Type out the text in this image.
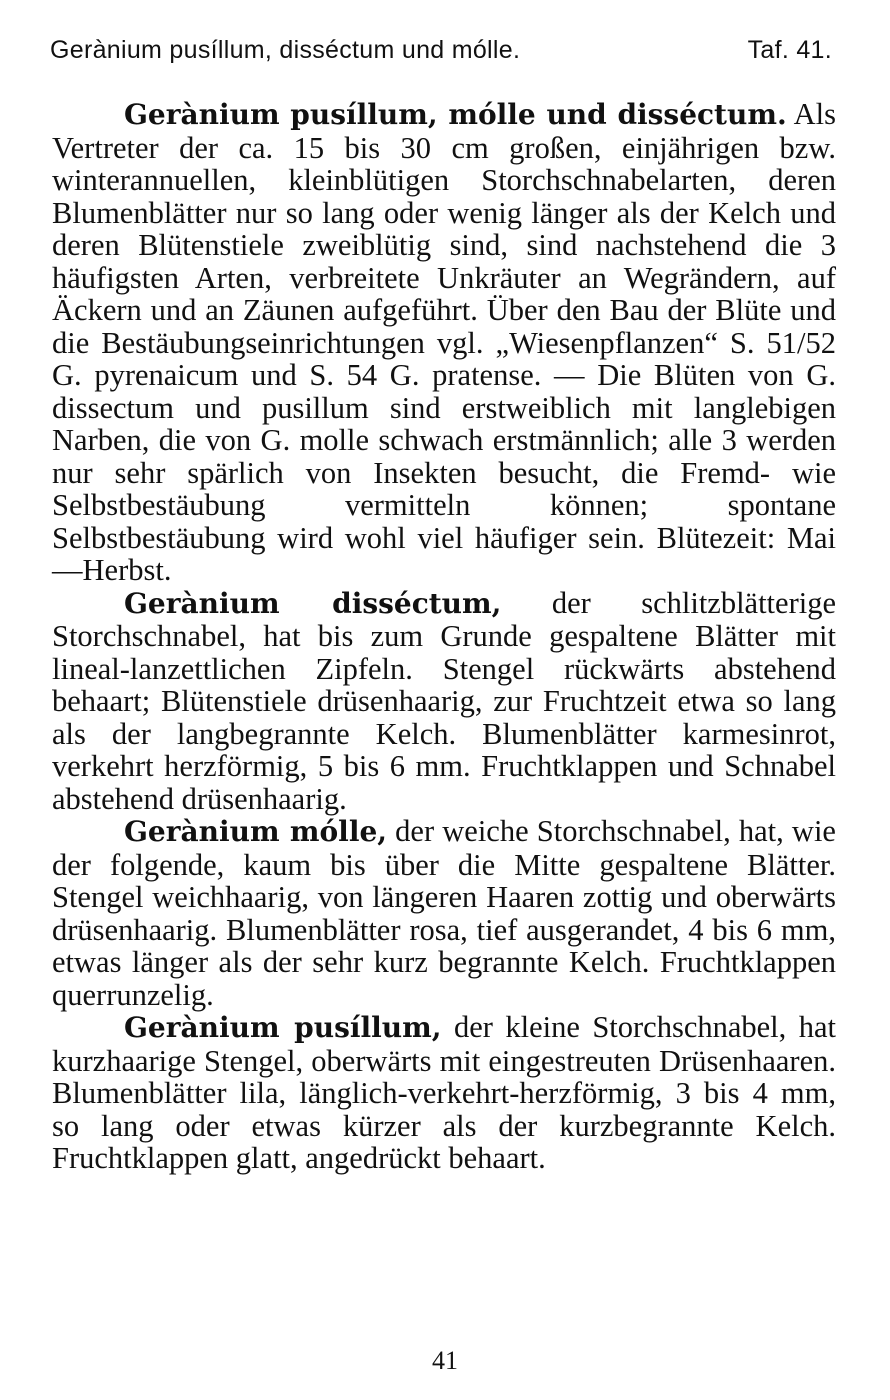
Gerànium pusíllum, disséctum und mólle.	Taf. 41.

Gerànium pusíllum, mólle und disséctum. Als Vertreter der ca. 15 bis 30 cm großen, einjährigen bzw. winterannuellen, kleinblütigen Storchschnabelarten, deren Blumenblätter nur so lang oder wenig länger als der Kelch und deren Blütenstiele zweiblütig sind, sind nachstehend die 3 häufigsten Arten, verbreitete Unkräuter an Wegrändern, auf Äckern und an Zäunen aufgeführt. Über den Bau der Blüte und die Bestäubungseinrichtungen vgl. „Wiesenpflanzen“ S. 51/52 G. pyrenaicum und S. 54 G. pratense. — Die Blüten von G. dissectum und pusillum sind erstweiblich mit langlebigen Narben, die von G. molle schwach erstmännlich; alle 3 werden nur sehr spärlich von Insekten besucht, die Fremd- wie Selbstbestäubung vermitteln können; spontane Selbstbestäubung wird wohl viel häufiger sein. Blütezeit: Mai—Herbst.

Gerànium disséctum, der schlitzblätterige Storchschnabel, hat bis zum Grunde gespaltene Blätter mit lineal-lanzettlichen Zipfeln. Stengel rückwärts abstehend behaart; Blütenstiele drüsenhaarig, zur Fruchtzeit etwa so lang als der langbegrannte Kelch. Blumenblätter karmesinrot, verkehrt herzförmig, 5 bis 6 mm. Fruchtklappen und Schnabel abstehend drüsenhaarig.

Gerànium mólle, der weiche Storchschnabel, hat, wie der folgende, kaum bis über die Mitte gespaltene Blätter. Stengel weichhaarig, von längeren Haaren zottig und oberwärts drüsenhaarig. Blumenblätter rosa, tief ausgerandet, 4 bis 6 mm, etwas länger als der sehr kurz begrannte Kelch. Fruchtklappen querrunzelig.

Gerànium pusíllum, der kleine Storchschnabel, hat kurzhaarige Stengel, oberwärts mit eingestreuten Drüsenhaaren. Blumenblätter lila, länglich-verkehrt-herzförmig, 3 bis 4 mm, so lang oder etwas kürzer als der kurzbegrannte Kelch. Fruchtklappen glatt, angedrückt behaart.

41
